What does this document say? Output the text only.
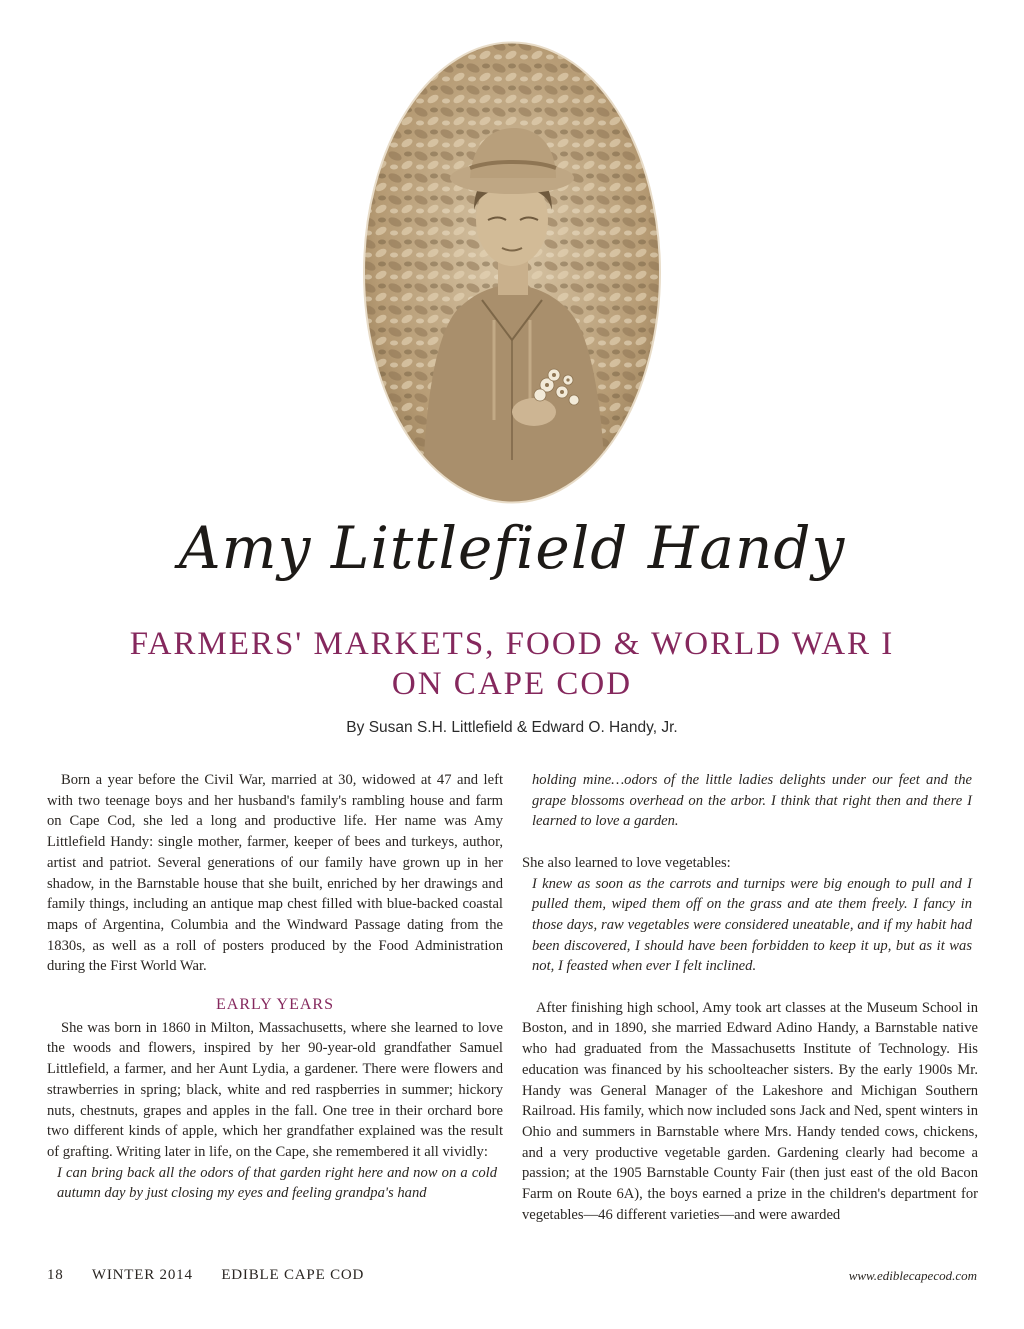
Amy Littlefield Handy
FARMERS' MARKETS, FOOD & WORLD WAR I
ON CAPE COD
By Susan S.H. Littlefield & Edward O. Handy, Jr.

Born a year before the Civil War, married at 30, widowed at 47 and left with two teenage boys and her husband's family's rambling house and farm on Cape Cod, she led a long and productive life. Her name was Amy Littlefield Handy: single mother, farmer, keeper of bees and turkeys, author, artist and patriot. Several generations of our family have grown up in her shadow, in the Barnstable house that she built, enriched by her drawings and family things, including an antique map chest filled with blue-backed coastal maps of Argentina, Columbia and the Windward Passage dating from the 1830s, as well as a roll of posters produced by the Food Administration during the First World War.

EARLY YEARS

She was born in 1860 in Milton, Massachusetts, where she learned to love the woods and flowers, inspired by her 90-year-old grandfather Samuel Littlefield, a farmer, and her Aunt Lydia, a gardener. There were flowers and strawberries in spring; black, white and red raspberries in summer; hickory nuts, chestnuts, grapes and apples in the fall. One tree in their orchard bore two different kinds of apple, which her grandfather explained was the result of grafting. Writing later in life, on the Cape, she remembered it all vividly:

I can bring back all the odors of that garden right here and now on a cold autumn day by just closing my eyes and feeling grandpa's hand

holding mine…odors of the little ladies delights under our feet and the grape blossoms overhead on the arbor. I think that right then and there I learned to love a garden.

She also learned to love vegetables:

I knew as soon as the carrots and turnips were big enough to pull and I pulled them, wiped them off on the grass and ate them freely. I fancy in those days, raw vegetables were considered uneatable, and if my habit had been discovered, I should have been forbidden to keep it up, but as it was not, I feasted when ever I felt inclined.

After finishing high school, Amy took art classes at the Museum School in Boston, and in 1890, she married Edward Adino Handy, a Barnstable native who had graduated from the Massachusetts Institute of Technology. His education was financed by his schoolteacher sisters. By the early 1900s Mr. Handy was General Manager of the Lakeshore and Michigan Southern Railroad. His family, which now included sons Jack and Ned, spent winters in Ohio and summers in Barnstable where Mrs. Handy tended cows, chickens, and a very productive vegetable garden. Gardening clearly had become a passion; at the 1905 Barnstable County Fair (then just east of the old Bacon Farm on Route 6A), the boys earned a prize in the children's department for vegetables—46 different varieties—and were awarded

18 WINTER 2014 EDIBLE CAPE COD	www.ediblecapecod.com
